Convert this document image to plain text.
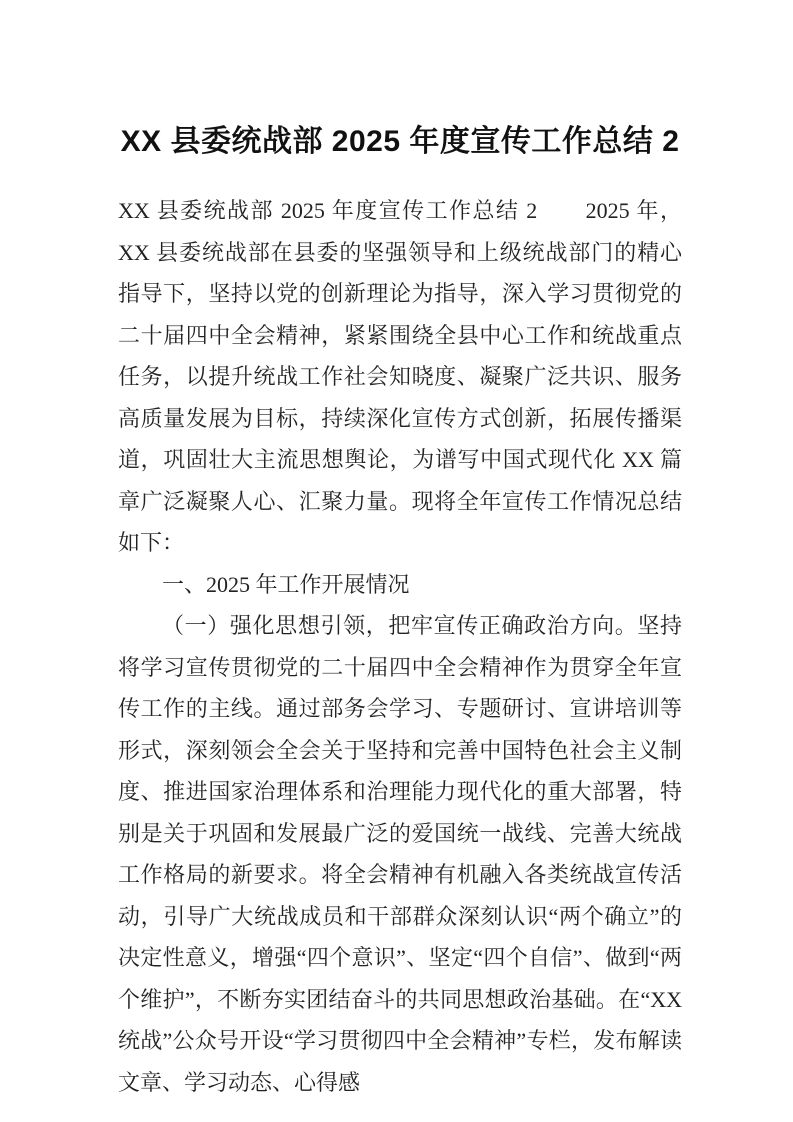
XX 县委统战部 2025 年度宣传工作总结 2

XX 县委统战部 2025 年度宣传工作总结 2　　2025 年，XX 县委统战部在县委的坚强领导和上级统战部门的精心指导下，坚持以党的创新理论为指导，深入学习贯彻党的二十届四中全会精神，紧紧围绕全县中心工作和统战重点任务，以提升统战工作社会知晓度、凝聚广泛共识、服务高质量发展为目标，持续深化宣传方式创新，拓展传播渠道，巩固壮大主流思想舆论，为谱写中国式现代化 XX 篇章广泛凝聚人心、汇聚力量。现将全年宣传工作情况总结如下：

一、2025 年工作开展情况

（一）强化思想引领，把牢宣传正确政治方向。坚持将学习宣传贯彻党的二十届四中全会精神作为贯穿全年宣传工作的主线。通过部务会学习、专题研讨、宣讲培训等形式，深刻领会全会关于坚持和完善中国特色社会主义制度、推进国家治理体系和治理能力现代化的重大部署，特别是关于巩固和发展最广泛的爱国统一战线、完善大统战工作格局的新要求。将全会精神有机融入各类统战宣传活动，引导广大统战成员和干部群众深刻认识“两个确立”的决定性意义，增强“四个意识”、坚定“四个自信”、做到“两个维护”，不断夯实团结奋斗的共同思想政治基础。在“XX 统战”公众号开设“学习贯彻四中全会精神”专栏，发布解读文章、学习动态、心得感
